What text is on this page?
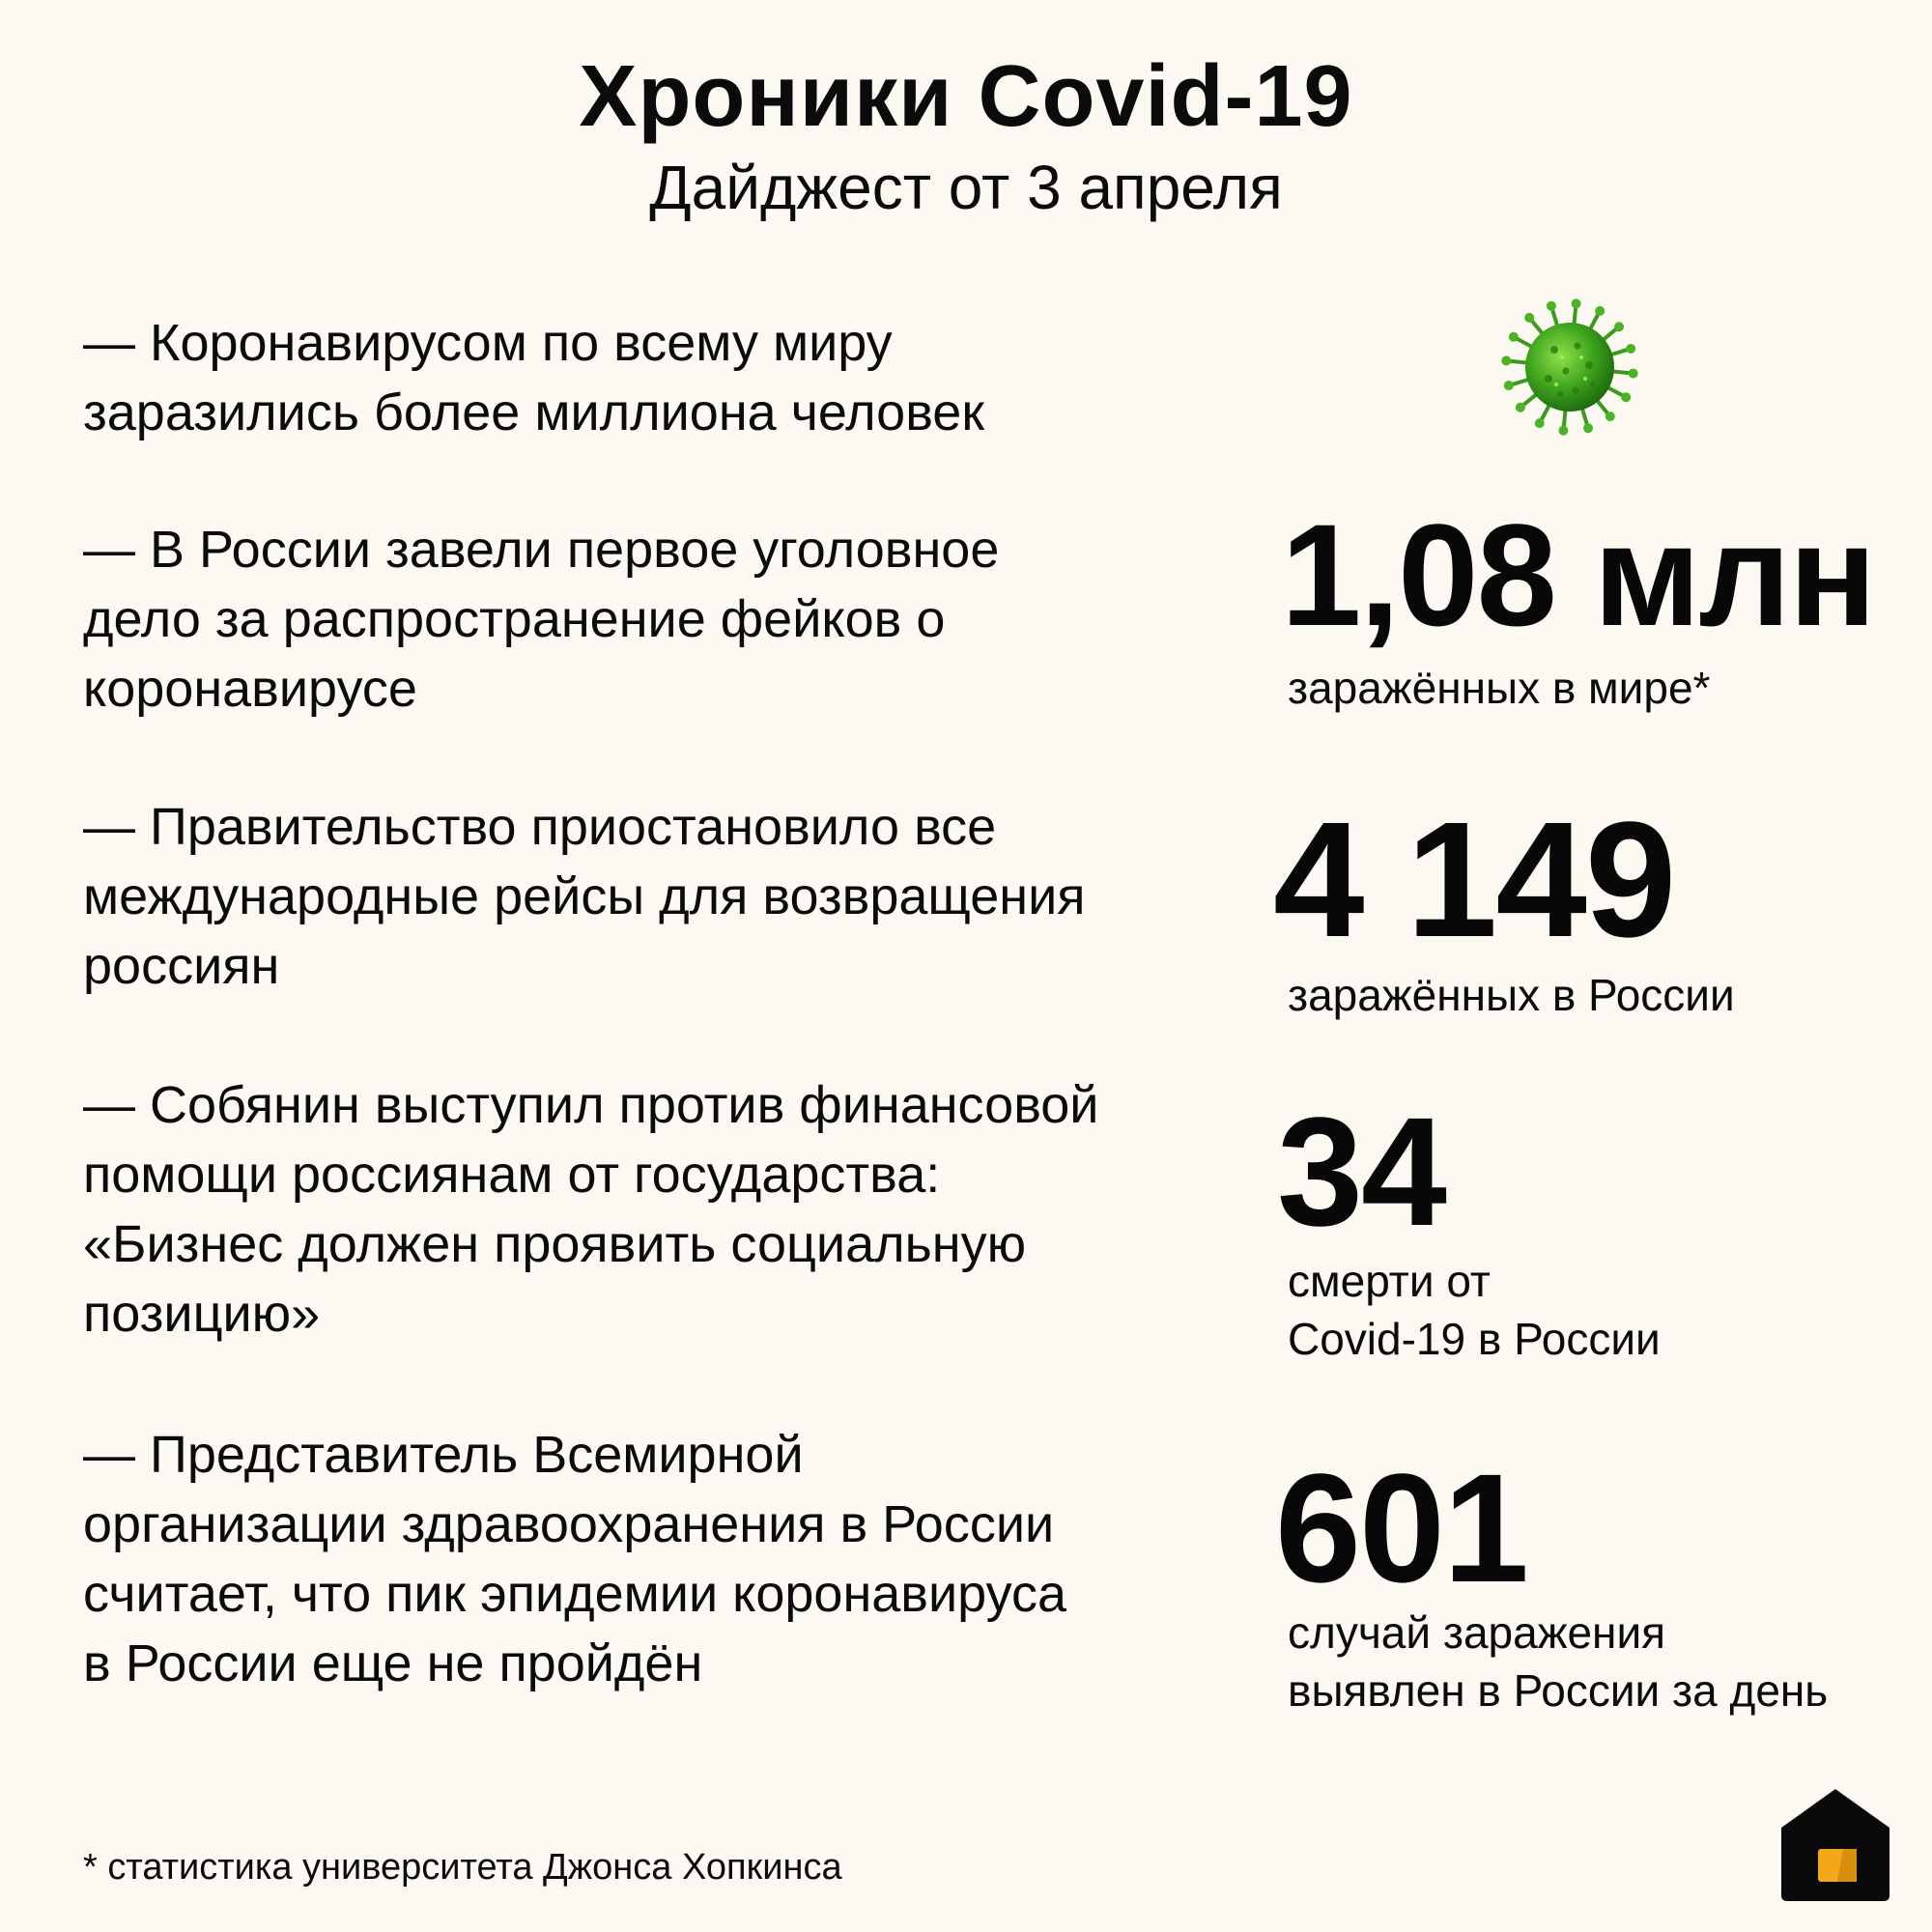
Хроники Covid-19
Дайджест от 3 апреля
— Коронавирусом по всему миру
заразились более миллиона человек
— В России завели первое уголовное
дело за распространение фейков о
коронавирусе
— Правительство приостановило все
международные рейсы для возвращения
россиян
— Собянин выступил против финансовой
помощи россиянам от государства:
«Бизнес должен проявить социальную
позицию»
— Представитель Всемирной
организации здравоохранения в России
считает, что пик эпидемии коронавируса
в России еще не пройдён
1,08 млн
заражённых в мире*
4 149
заражённых в России
34
смерти от
Covid-19 в России
601
случай заражения
выявлен в России за день
* статистика университета Джонса Хопкинса
